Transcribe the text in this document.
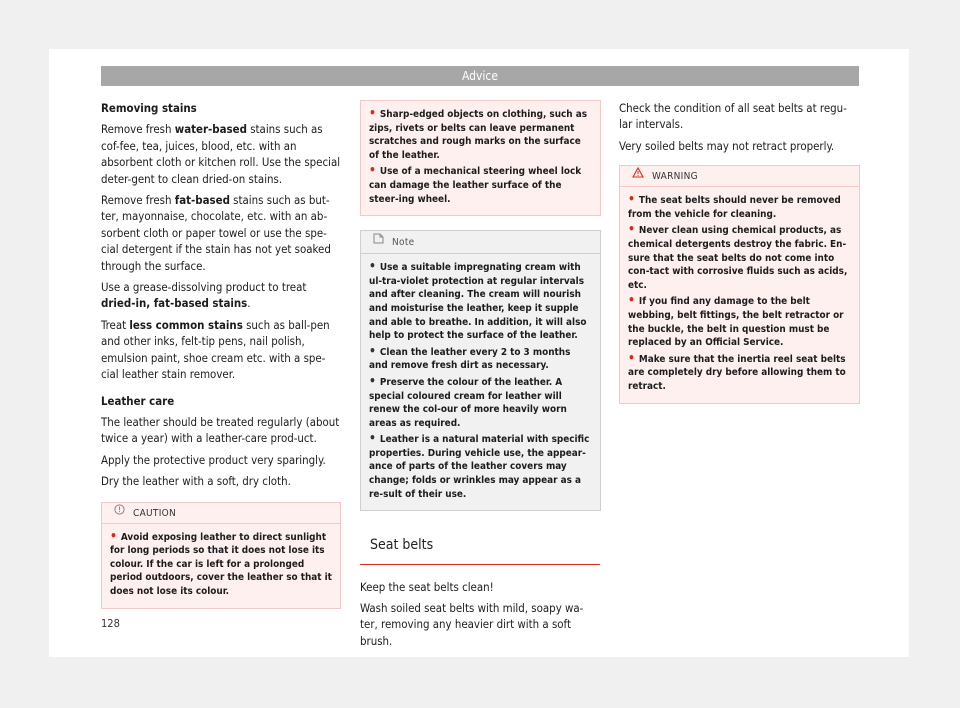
Advice

Removing stains

Remove fresh water-based stains such as cof-fee, tea, juices, blood, etc. with an absorbent cloth or kitchen roll. Use the special deter-gent to clean dried-on stains.

Remove fresh fat-based stains such as but-ter, mayonnaise, chocolate, etc. with an ab-sorbent cloth or paper towel or use the spe-cial detergent if the stain has not yet soaked through the surface.

Use a grease-dissolving product to treat dried-in, fat-based stains.

Treat less common stains such as ball-pen and other inks, felt-tip pens, nail polish, emulsion paint, shoe cream etc. with a spe-cial leather stain remover.

Leather care

The leather should be treated regularly (about twice a year) with a leather-care prod-uct.

Apply the protective product very sparingly.

Dry the leather with a soft, dry cloth.

CAUTION
• Avoid exposing leather to direct sunlight for long periods so that it does not lose its colour. If the car is left for a prolonged period outdoors, cover the leather so that it does not lose its colour.
• Sharp-edged objects on clothing, such as zips, rivets or belts can leave permanent scratches and rough marks on the surface of the leather.
• Use of a mechanical steering wheel lock can damage the leather surface of the steer-ing wheel.
Note
• Use a suitable impregnating cream with ul-tra-violet protection at regular intervals and after cleaning. The cream will nourish and moisturise the leather, keep it supple and able to breathe. In addition, it will also help to protect the surface of the leather.
• Clean the leather every 2 to 3 months and remove fresh dirt as necessary.
• Preserve the colour of the leather. A special coloured cream for leather will renew the col-our of more heavily worn areas as required.
• Leather is a natural material with specific properties. During vehicle use, the appear-ance of parts of the leather covers may change; folds or wrinkles may appear as a re-sult of their use.
Seat belts

Keep the seat belts clean!

Wash soiled seat belts with mild, soapy wa-ter, removing any heavier dirt with a soft brush.

Check the condition of all seat belts at regu-lar intervals.

Very soiled belts may not retract properly.

WARNING
• The seat belts should never be removed from the vehicle for cleaning.
• Never clean using chemical products, as chemical detergents destroy the fabric. En-sure that the seat belts do not come into con-tact with corrosive fluids such as acids, etc.
• If you find any damage to the belt webbing, belt fittings, the belt retractor or the buckle, the belt in question must be replaced by an Official Service.
• Make sure that the inertia reel seat belts are completely dry before allowing them to retract.
128
